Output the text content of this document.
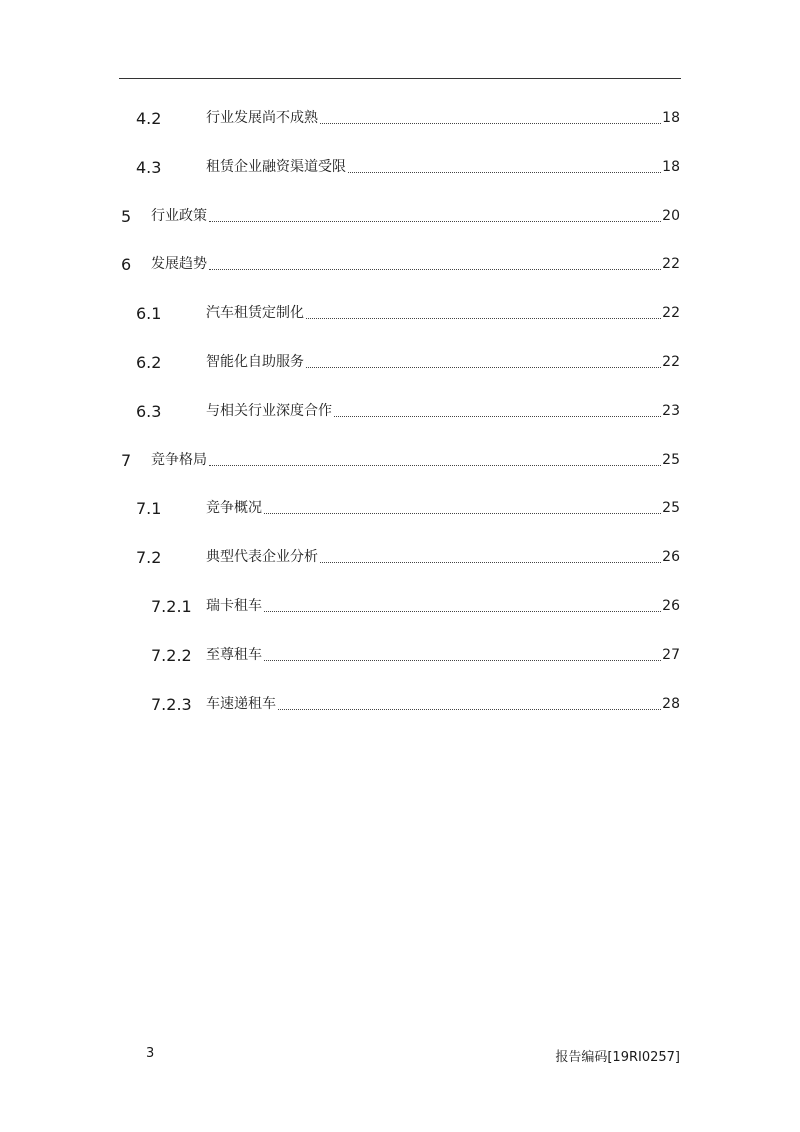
4.2	行业发展尚不成熟	18
4.3	租赁企业融资渠道受限	18
5 行业政策	20
6 发展趋势	22
6.1	汽车租赁定制化	22
6.2	智能化自助服务	22
6.3	与相关行业深度合作	23
7 竞争格局	25
7.1	竞争概况	25
7.2	典型代表企业分析	26
7.2.1 瑞卡租车	26
7.2.2 至尊租车	27
7.2.3 车速递租车	28
3	报告编码[19RI0257]
